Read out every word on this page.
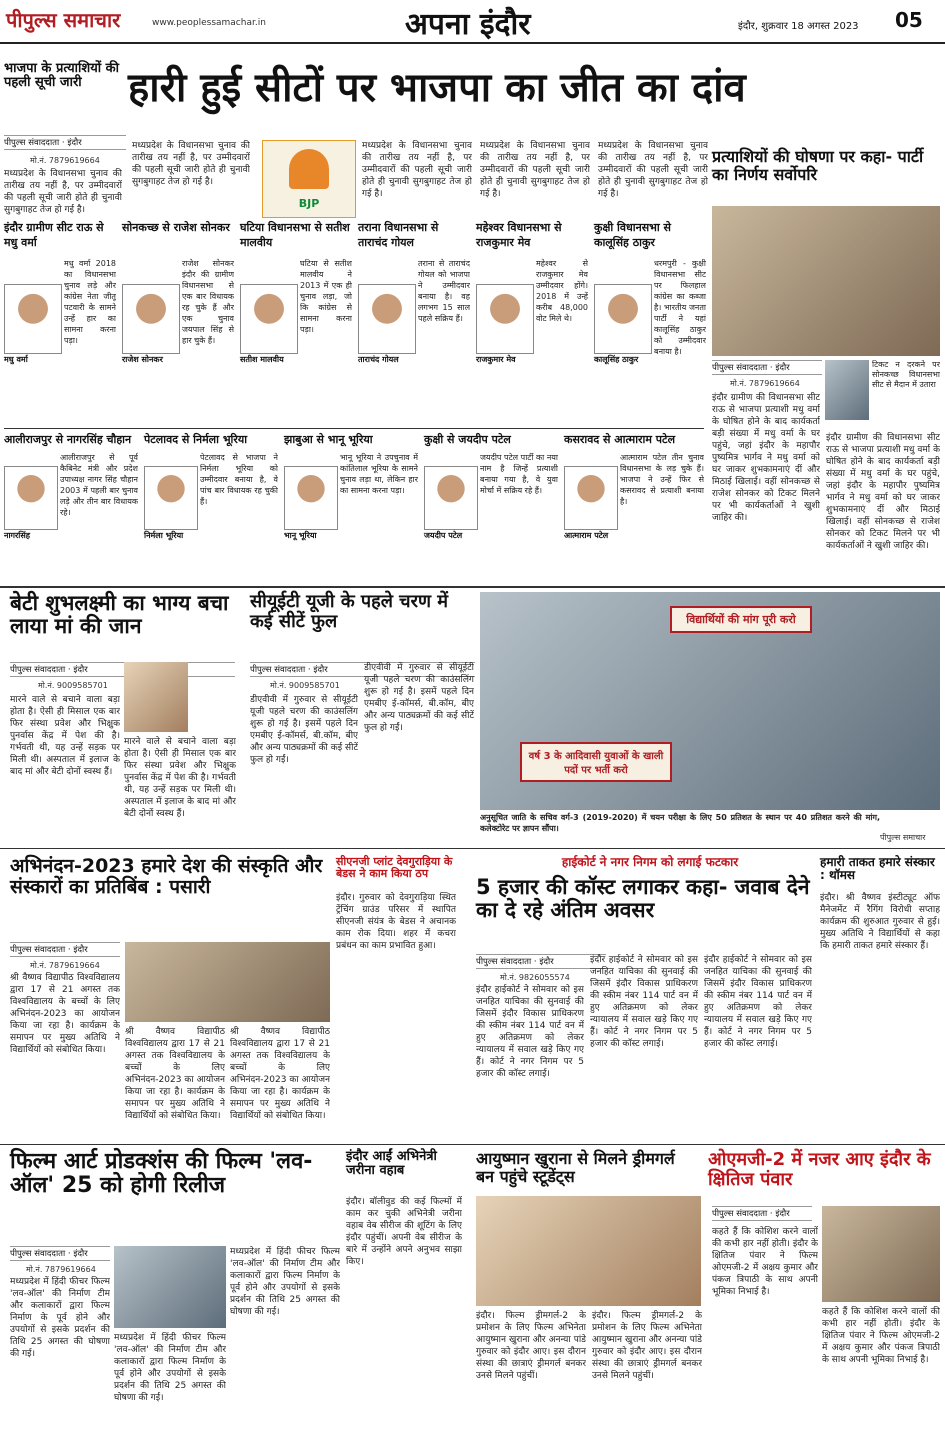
पीपुल्स समाचार	www.peoplessamachar.in	अपना इंदौर	इंदौर, शुक्रवार 18 अगस्त 2023 05
भाजपा के प्रत्याशियों की पहली सूची जारी	हारी हुई सीटों पर भाजपा का जीत का दांव
पीपुल्स संवाददाता · इंदौर
मो.नं. 7879619664
मध्यप्रदेश के विधानसभा चुनाव की तारीख तय नहीं है, पर उम्मीदवारों की पहली सूची जारी होते ही चुनावी सुगबुगाहट तेज हो गई है।
मध्यप्रदेश के विधानसभा चुनाव की तारीख तय नहीं है, पर उम्मीदवारों की पहली सूची जारी होते ही चुनावी सुगबुगाहट तेज हो गई है।
BJP
मध्यप्रदेश के विधानसभा चुनाव की तारीख तय नहीं है, पर उम्मीदवारों की पहली सूची जारी होते ही चुनावी सुगबुगाहट तेज हो गई है।
मध्यप्रदेश के विधानसभा चुनाव की तारीख तय नहीं है, पर उम्मीदवारों की पहली सूची जारी होते ही चुनावी सुगबुगाहट तेज हो गई है।
मध्यप्रदेश के विधानसभा चुनाव की तारीख तय नहीं है, पर उम्मीदवारों की पहली सूची जारी होते ही चुनावी सुगबुगाहट तेज हो गई है।
इंदौर ग्रामीण सीट राऊ से मधु वर्मा
मधु वर्मा
मधु वर्मा 2018 का विधानसभा चुनाव लड़े और कांग्रेस नेता जीतू पटवारी के सामने उन्हें हार का सामना करना पड़ा।
सोनकच्छ से राजेश सोनकर
राजेश सोनकर
राजेश सोनकर इंदौर की ग्रामीण विधानसभा से एक बार विधायक रह चुके हैं और एक चुनाव जयपाल सिंह से हार चुके हैं।
घटिया विधानसभा से सतीश मालवीय
सतीश मालवीय
घटिया से सतीश मालवीय ने 2013 में एक ही चुनाव लड़ा, जो कि कांग्रेस से सामना करना पड़ा।
तराना विधानसभा से ताराचंद गोयल
ताराचंद गोयल
तराना से ताराचंद गोयल को भाजपा ने उम्मीदवार बनाया है। वह लगभग 15 साल पहले सक्रिय हैं।
महेश्वर विधानसभा से राजकुमार मेव
राजकुमार मेव
महेश्वर से राजकुमार मेव उम्मीदवार होंगे। 2018 में उन्हें करीब 48,000 वोट मिले थे।
कुक्षी विधानसभा से कालूसिंह ठाकुर
कालूसिंह ठाकुर
धरमपुरी - कुक्षी विधानसभा सीट पर फिलहाल कांग्रेस का कब्जा है। भारतीय जनता पार्टी ने यहां कालूसिंह ठाकुर को उम्मीदवार बनाया है।
प्रत्याशियों की घोषणा पर कहा- पार्टी का निर्णय सर्वोपरि
पीपुल्स संवाददाता · इंदौर
मो.नं. 7879619664
टिकट न दरकने पर सोनकच्छ विधानसभा सीट से मैदान में उतारा
इंदौर ग्रामीण की विधानसभा सीट राऊ से भाजपा प्रत्याशी मधु वर्मा के घोषित होने के बाद कार्यकर्ता बड़ी संख्या में मधु वर्मा के घर पहुंचे, जहां इंदौर के महापौर पुष्यमित्र भार्गव ने मधु वर्मा को घर जाकर शुभकामनाएं दीं और मिठाई खिलाई। वहीं सोनकच्छ से राजेश सोनकर को टिकट मिलने पर भी कार्यकर्ताओं ने खुशी जाहिर की।
इंदौर ग्रामीण की विधानसभा सीट राऊ से भाजपा प्रत्याशी मधु वर्मा के घोषित होने के बाद कार्यकर्ता बड़ी संख्या में मधु वर्मा के घर पहुंचे, जहां इंदौर के महापौर पुष्यमित्र भार्गव ने मधु वर्मा को घर जाकर शुभकामनाएं दीं और मिठाई खिलाई। वहीं सोनकच्छ से राजेश सोनकर को टिकट मिलने पर भी कार्यकर्ताओं ने खुशी जाहिर की।
आलीराजपुर से नागरसिंह चौहान
नागरसिंह
आलीराजपुर से पूर्व कैबिनेट मंत्री और प्रदेश उपाध्यक्ष नागर सिंह चौहान 2003 में पहली बार चुनाव लड़े और तीन बार विधायक रहे।
पेटलावद से निर्मला भूरिया
निर्मला भूरिया
पेटलावद से भाजपा ने निर्मला भूरिया को उम्मीदवार बनाया है, वे पांच बार विधायक रह चुकी हैं।
झाबुआ से भानू भूरिया
भानू भूरिया
भानू भूरिया ने उपचुनाव में कांतिलाल भूरिया के सामने चुनाव लड़ा था, लेकिन हार का सामना करना पड़ा।
कुक्षी से जयदीप पटेल
जयदीप पटेल
जयदीप पटेल पार्टी का नया नाम है जिन्हें प्रत्याशी बनाया गया है, वे युवा मोर्चा में सक्रिय रहे हैं।
कसरावद से आत्माराम पटेल
आत्माराम पटेल
आत्माराम पटेल तीन चुनाव विधानसभा के लड़ चुके हैं। भाजपा ने उन्हें फिर से कसरावद से प्रत्याशी बनाया है।
बेटी शुभलक्ष्मी का भाग्य बचा लाया मां की जान
पीपुल्स संवाददाता · इंदौर
मो.नं. 9009585701
मारने वाले से बचाने वाला बड़ा होता है। ऐसी ही मिसाल एक बार फिर संस्था प्रवेश और भिक्षुक पुनर्वास केंद्र में पेश की है। गर्भवती थी, यह उन्हें सड़क पर मिली थी। अस्पताल में इलाज के बाद मां और बेटी दोनों स्वस्थ हैं।
मारने वाले से बचाने वाला बड़ा होता है। ऐसी ही मिसाल एक बार फिर संस्था प्रवेश और भिक्षुक पुनर्वास केंद्र में पेश की है। गर्भवती थी, यह उन्हें सड़क पर मिली थी। अस्पताल में इलाज के बाद मां और बेटी दोनों स्वस्थ हैं।
सीयूईटी यूजी के पहले चरण में कई सीटें फुल
पीपुल्स संवाददाता · इंदौर
मो.नं. 9009585701
डीएवीवी में गुरुवार से सीयूईटी यूजी पहले चरण की काउंसलिंग शुरू हो गई है। इसमें पहले दिन एमबीए ई-कॉमर्स, बी.कॉम, बीए और अन्य पाठ्यक्रमों की कई सीटें फुल हो गईं।
डीएवीवी में गुरुवार से सीयूईटी यूजी पहले चरण की काउंसलिंग शुरू हो गई है। इसमें पहले दिन एमबीए ई-कॉमर्स, बी.कॉम, बीए और अन्य पाठ्यक्रमों की कई सीटें फुल हो गईं।
विद्यार्थियों की मांग पूरी करो
वर्ष 3 के आदिवासी युवाओं के खाली पदों पर भर्ती करो
अनुसूचित जाति के सचिव वर्ग-3 (2019-2020) में चयन परीक्षा के लिए 50 प्रतिशत के स्थान पर 40 प्रतिशत करने की मांग, कलेक्टोरेट पर ज्ञापन सौंपा।
पीपुल्स समाचार
अभिनंदन-2023 हमारे देश की संस्कृति और संस्कारों का प्रतिबिंब : पसारी
पीपुल्स संवाददाता · इंदौर
मो.नं. 7879619664
श्री वैष्णव विद्यापीठ विश्वविद्यालय द्वारा 17 से 21 अगस्त तक विश्वविद्यालय के बच्चों के लिए अभिनंदन-2023 का आयोजन किया जा रहा है। कार्यक्रम के समापन पर मुख्य अतिथि ने विद्यार्थियों को संबोधित किया।
श्री वैष्णव विद्यापीठ विश्वविद्यालय द्वारा 17 से 21 अगस्त तक विश्वविद्यालय के बच्चों के लिए अभिनंदन-2023 का आयोजन किया जा रहा है। कार्यक्रम के समापन पर मुख्य अतिथि ने विद्यार्थियों को संबोधित किया।
श्री वैष्णव विद्यापीठ विश्वविद्यालय द्वारा 17 से 21 अगस्त तक विश्वविद्यालय के बच्चों के लिए अभिनंदन-2023 का आयोजन किया जा रहा है। कार्यक्रम के समापन पर मुख्य अतिथि ने विद्यार्थियों को संबोधित किया।
सीएनजी प्लांट देवगुराड़िया के बेडस ने काम किया ठप
इंदौर। गुरुवार को देवगुराड़िया स्थित ट्रेंचिंग ग्राउंड परिसर में स्थापित सीएनजी संयंत्र के बेडस ने अचानक काम रोक दिया। शहर में कचरा प्रबंधन का काम प्रभावित हुआ।
हाईकोर्ट ने नगर निगम को लगाई फटकार
5 हजार की कॉस्ट लगाकर कहा- जवाब देने का दे रहे अंतिम अवसर
पीपुल्स संवाददाता · इंदौर
मो.नं. 9826055574
इंदौर हाईकोर्ट ने सोमवार को इस जनहित याचिका की सुनवाई की जिसमें इंदौर विकास प्राधिकरण की स्कीम नंबर 114 पार्ट वन में हुए अतिक्रमण को लेकर न्यायालय में सवाल खड़े किए गए हैं। कोर्ट ने नगर निगम पर 5 हजार की कॉस्ट लगाई।
इंदौर हाईकोर्ट ने सोमवार को इस जनहित याचिका की सुनवाई की जिसमें इंदौर विकास प्राधिकरण की स्कीम नंबर 114 पार्ट वन में हुए अतिक्रमण को लेकर न्यायालय में सवाल खड़े किए गए हैं। कोर्ट ने नगर निगम पर 5 हजार की कॉस्ट लगाई।
इंदौर हाईकोर्ट ने सोमवार को इस जनहित याचिका की सुनवाई की जिसमें इंदौर विकास प्राधिकरण की स्कीम नंबर 114 पार्ट वन में हुए अतिक्रमण को लेकर न्यायालय में सवाल खड़े किए गए हैं। कोर्ट ने नगर निगम पर 5 हजार की कॉस्ट लगाई।
हमारी ताकत हमारे संस्कार : थॉमस
इंदौर। श्री वैष्णव इंस्टीट्यूट ऑफ मैनेजमेंट में रैगिंग विरोधी सप्ताह कार्यक्रम की शुरुआत गुरुवार से हुई। मुख्य अतिथि ने विद्यार्थियों से कहा कि हमारी ताकत हमारे संस्कार हैं।
फिल्म आर्ट प्रोडक्शंस की फिल्म 'लव-ऑल' 25 को होगी रिलीज
पीपुल्स संवाददाता · इंदौर
मो.नं. 7879619664
मध्यप्रदेश में हिंदी फीचर फिल्म 'लव-ऑल' की निर्माण टीम और कलाकारों द्वारा फिल्म निर्माण के पूर्व होने और उपयोगों से इसके प्रदर्शन की तिथि 25 अगस्त की घोषणा की गई।
मध्यप्रदेश में हिंदी फीचर फिल्म 'लव-ऑल' की निर्माण टीम और कलाकारों द्वारा फिल्म निर्माण के पूर्व होने और उपयोगों से इसके प्रदर्शन की तिथि 25 अगस्त की घोषणा की गई।
मध्यप्रदेश में हिंदी फीचर फिल्म 'लव-ऑल' की निर्माण टीम और कलाकारों द्वारा फिल्म निर्माण के पूर्व होने और उपयोगों से इसके प्रदर्शन की तिथि 25 अगस्त की घोषणा की गई।
इंदौर आईं अभिनेत्री जरीना वहाब
इंदौर। बॉलीवुड की कई फिल्मों में काम कर चुकी अभिनेत्री जरीना वहाब वेब सीरीज की शूटिंग के लिए इंदौर पहुंचीं। अपनी वेब सीरीज के बारे में उन्होंने अपने अनुभव साझा किए।
आयुष्मान खुराना से मिलने ड्रीमगर्ल बन पहुंचे स्टूडेंट्स
इंदौर। फिल्म ड्रीमगर्ल-2 के प्रमोशन के लिए फिल्म अभिनेता आयुष्मान खुराना और अनन्या पांडे गुरुवार को इंदौर आए। इस दौरान संस्था की छात्राएं ड्रीमगर्ल बनकर उनसे मिलने पहुंचीं।
इंदौर। फिल्म ड्रीमगर्ल-2 के प्रमोशन के लिए फिल्म अभिनेता आयुष्मान खुराना और अनन्या पांडे गुरुवार को इंदौर आए। इस दौरान संस्था की छात्राएं ड्रीमगर्ल बनकर उनसे मिलने पहुंचीं।
ओएमजी-2 में नजर आए इंदौर के क्षितिज पंवार
पीपुल्स संवाददाता · इंदौर
कहते हैं कि कोशिश करने वालों की कभी हार नहीं होती। इंदौर के क्षितिज पंवार ने फिल्म ओएमजी-2 में अक्षय कुमार और पंकज त्रिपाठी के साथ अपनी भूमिका निभाई है।
कहते हैं कि कोशिश करने वालों की कभी हार नहीं होती। इंदौर के क्षितिज पंवार ने फिल्म ओएमजी-2 में अक्षय कुमार और पंकज त्रिपाठी के साथ अपनी भूमिका निभाई है।
